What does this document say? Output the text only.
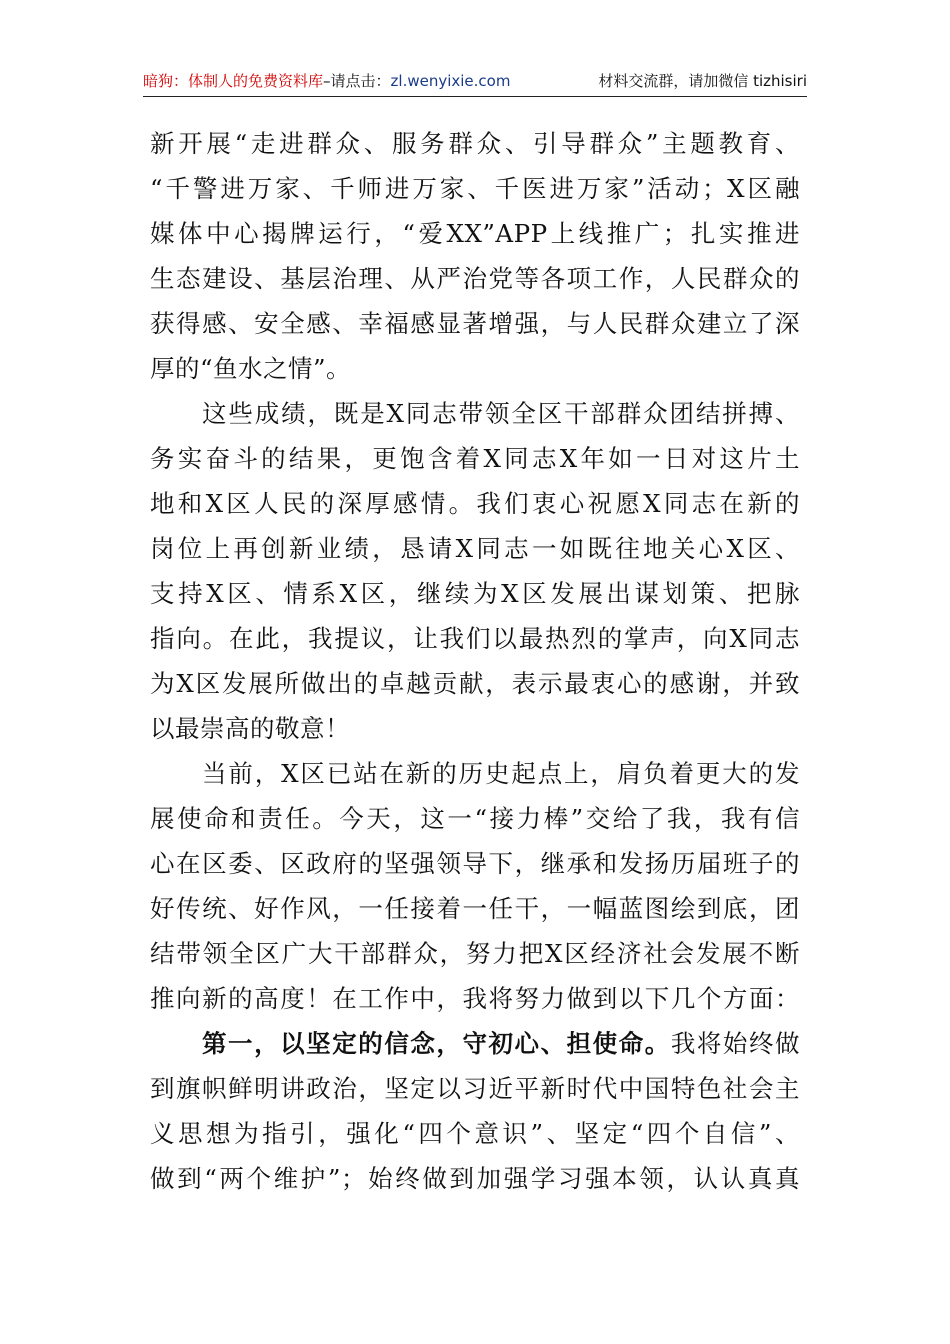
暗狗：体制人的免费资料库–请点击：zl.wenyixie.com	材料交流群，请加微信 tizhisiri
新开展“走进群众、服务群众、引导群众”主题教育、
“千警进万家、千师进万家、千医进万家”活动；X区融
媒体中心揭牌运行，“爱XX”APP上线推广；扎实推进
生态建设、基层治理、从严治党等各项工作，人民群众的
获得感、安全感、幸福感显著增强，与人民群众建立了深
厚的“鱼水之情”。
这些成绩，既是X同志带领全区干部群众团结拼搏、
务实奋斗的结果，更饱含着X同志X年如一日对这片土
地和X区人民的深厚感情。我们衷心祝愿X同志在新的
岗位上再创新业绩，恳请X同志一如既往地关心X区、
支持X区、情系X区，继续为X区发展出谋划策、把脉
指向。在此，我提议，让我们以最热烈的掌声，向X同志
为X区发展所做出的卓越贡献，表示最衷心的感谢，并致
以最崇高的敬意！
当前，X区已站在新的历史起点上，肩负着更大的发
展使命和责任。今天，这一“接力棒”交给了我，我有信
心在区委、区政府的坚强领导下，继承和发扬历届班子的
好传统、好作风，一任接着一任干，一幅蓝图绘到底，团
结带领全区广大干部群众，努力把X区经济社会发展不断
推向新的高度！在工作中，我将努力做到以下几个方面：
第一，以坚定的信念，守初心、担使命。我将始终做
到旗帜鲜明讲政治，坚定以习近平新时代中国特色社会主
义思想为指引，强化“四个意识”、坚定“四个自信”、
做到“两个维护”；始终做到加强学习强本领，认认真真
